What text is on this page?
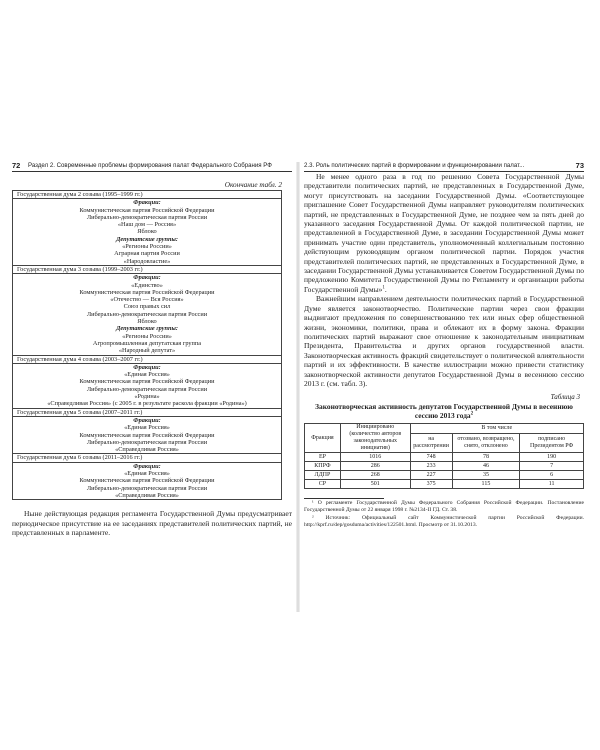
72 Раздел 2. Современные проблемы формирования палат Федерального Собрания РФ
Окончание табл. 2
Государственная дума 2 созыва (1995–1999 гг.)

Фракции:
Коммунистическая партия Российской Федерации
Либерально-демократическая партия России
«Наш дом — Россия»
Яблоко
Депутатские группы:
«Регионы России»
Аграрная партия России
«Народовластие»

Государственная дума 3 созыва (1999–2003 гг.)

Фракции:
«Единство»
Коммунистическая партия Российской Федерации
«Отечество — Вся Россия»
Союз правых сил
Либерально-демократическая партия России
Яблоко
Депутатские группы:
«Регионы России»
Агропромышленная депутатская группа
«Народный депутат»

Государственная дума 4 созыва (2003–2007 гг.)

Фракции:
«Единая Россия»
Коммунистическая партия Российской Федерации
Либерально-демократическая партия России
«Родина»
«Справедливая Россия» (с 2005 г. в результате раскола фракции «Родина»)

Государственная дума 5 созыва (2007–2011 гг.)

Фракции:
«Единая Россия»
Коммунистическая партия Российской Федерации
Либерально-демократическая партия России
«Справедливая Россия»

Государственная дума 6 созыва (2011–2016 гг.)

Фракции:
«Единая Россия»
Коммунистическая партия Российской Федерации
Либерально-демократическая партия России
«Справедливая Россия»

Ныне действующая редакция регламента Государственной Думы предусматривает периодическое присутствие на ее заседаниях представителей политических партий, не представленных в парламенте.

2.3. Роль политических партий в формировании и функционировании палат...	73

Не менее одного раза в год по решению Совета Государственной Думы представители политических партий, не представленных в Государственной Думе, могут присутствовать на заседании Государственной Думы. «Соответствующее приглашение Совет Государственной Думы направляет руководителям политических партий, не представленных в Государственной Думе, не позднее чем за пять дней до указанного заседания Государственной Думы. От каждой политической партии, не представленной в Государственной Думе, в заседании Государственной Думы может принимать участие один представитель, уполномоченный коллегиальным постоянно действующим руководящим органом политической партии. Порядок участия представителей политических партий, не представленных в Государственной Думе, в заседании Государственной Думы устанавливается Советом Государственной Думы по предложению Комитета Государственной Думы по Регламенту и организации работы Государственной Думы»$^1$.

Важнейшим направлением деятельности политических партий в Государственной Думе является законотворчество. Политические партии через свои фракции выдвигают предложения по совершенствованию тех или иных сфер общественной жизни, экономики, политики, права и облекают их в форму закона. Фракции политических партий выражают свое отношение к законодательным инициативам Президента, Правительства и других органов государственной власти. Законотворческая активность фракций свидетельствует о политической влиятельности партий и их эффективности. В качестве иллюстрации можно привести статистику законотворческой активности депутатов Государственной Думы в весеннюю сессию 2013 г. (см. табл. 3).

Таблица 3
Законотворческая активность депутатов Государственной Думы в весеннюю сессию 2013 года$^2$
Фракция	Инициировано (количество авторов законодательных инициатив)	В том числе		
		на рассмотрении	отозвано, возвращено, снято, отклонено	подписано Президентом РФ
ЕР	1016	748	78	190
КПРФ	286	233	46	7
ЛДПР	268	227	35	6
СР	501	375	115	11

¹ О регламенте Государственной Думы Федерального Собрания Российской Федерации. Постановление Государственной Думы от 22 января 1998 г. №2134-II ГД. Ст. 38.

² Источник: Официальный сайт Коммунистической партии Российской Федерации. http://kprf.ru/dep/gosduma/activities/122501.html. Просмотр от 31.10.2013.
